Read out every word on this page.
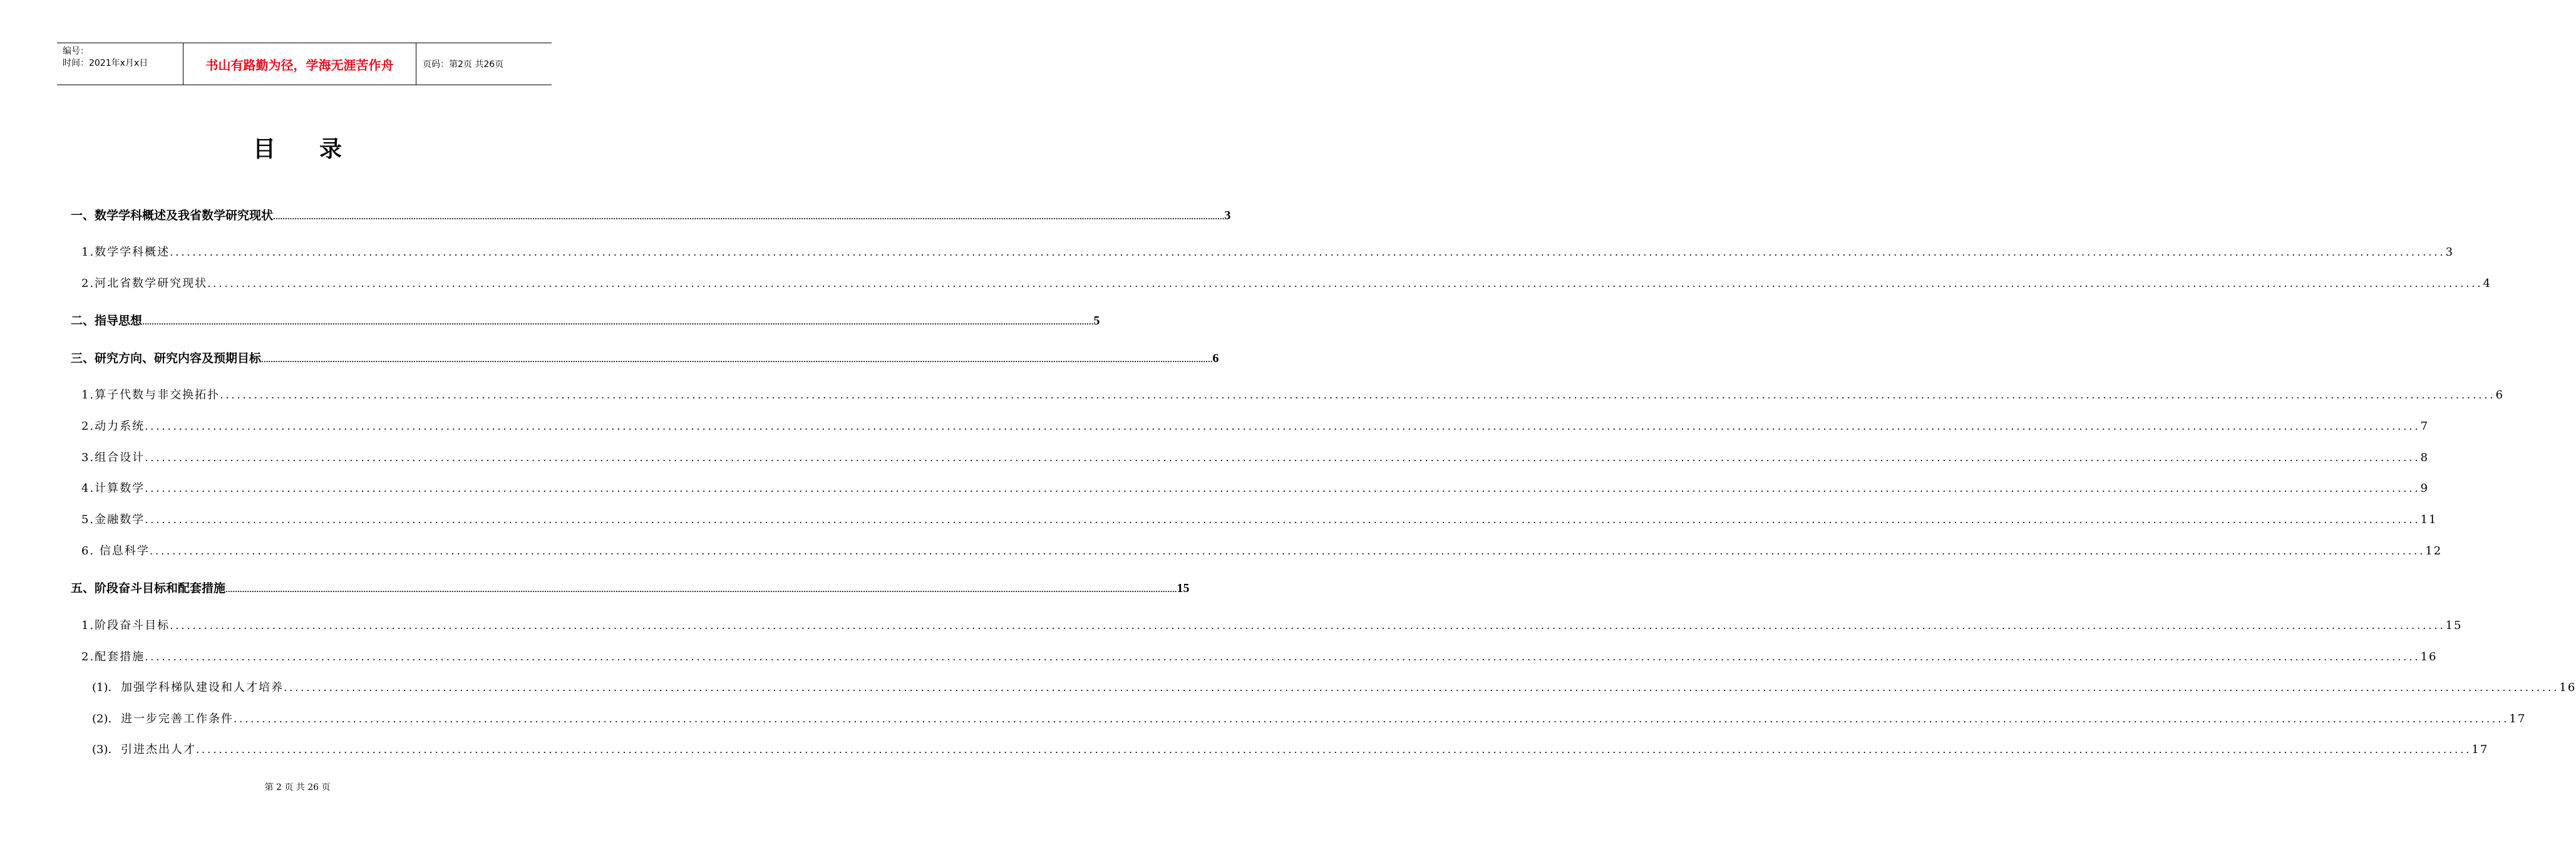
编号：
时间：2021年x月x日	书山有路勤为径，学海无涯苦作舟	页码：第2页 共26页
目录
一、数学学科概述及我省数学研究现状 ................................................................................................................................................................................................................................................................................................................................................................................................................ 3
1.数学学科概述 ................................................................................................................................................................................................................................................................................................................................................................................................................ 3
2.河北省数学研究现状 ................................................................................................................................................................................................................................................................................................................................................................................................................ 4
二、指导思想 ................................................................................................................................................................................................................................................................................................................................................................................................................ 5
三、研究方向、研究内容及预期目标 ................................................................................................................................................................................................................................................................................................................................................................................................................ 6
1.算子代数与非交换拓扑 ................................................................................................................................................................................................................................................................................................................................................................................................................ 6
2.动力系统 ................................................................................................................................................................................................................................................................................................................................................................................................................ 7
3.组合设计 ................................................................................................................................................................................................................................................................................................................................................................................................................ 8
4.计算数学 ................................................................................................................................................................................................................................................................................................................................................................................................................ 9
5.金融数学 ................................................................................................................................................................................................................................................................................................................................................................................................................ 11
6. 信息科学 ................................................................................................................................................................................................................................................................................................................................................................................................................ 12
五、阶段奋斗目标和配套措施 ................................................................................................................................................................................................................................................................................................................................................................................................................ 15
1.阶段奋斗目标 ................................................................................................................................................................................................................................................................................................................................................................................................................ 15
2.配套措施 ................................................................................................................................................................................................................................................................................................................................................................................................................ 16
(1). 加强学科梯队建设和人才培养 ................................................................................................................................................................................................................................................................................................................................................................................................................ 16
(2). 进一步完善工作条件 ................................................................................................................................................................................................................................................................................................................................................................................................................ 17
(3). 引进杰出人才 ................................................................................................................................................................................................................................................................................................................................................................................................................ 17
第 2 页 共 26 页
